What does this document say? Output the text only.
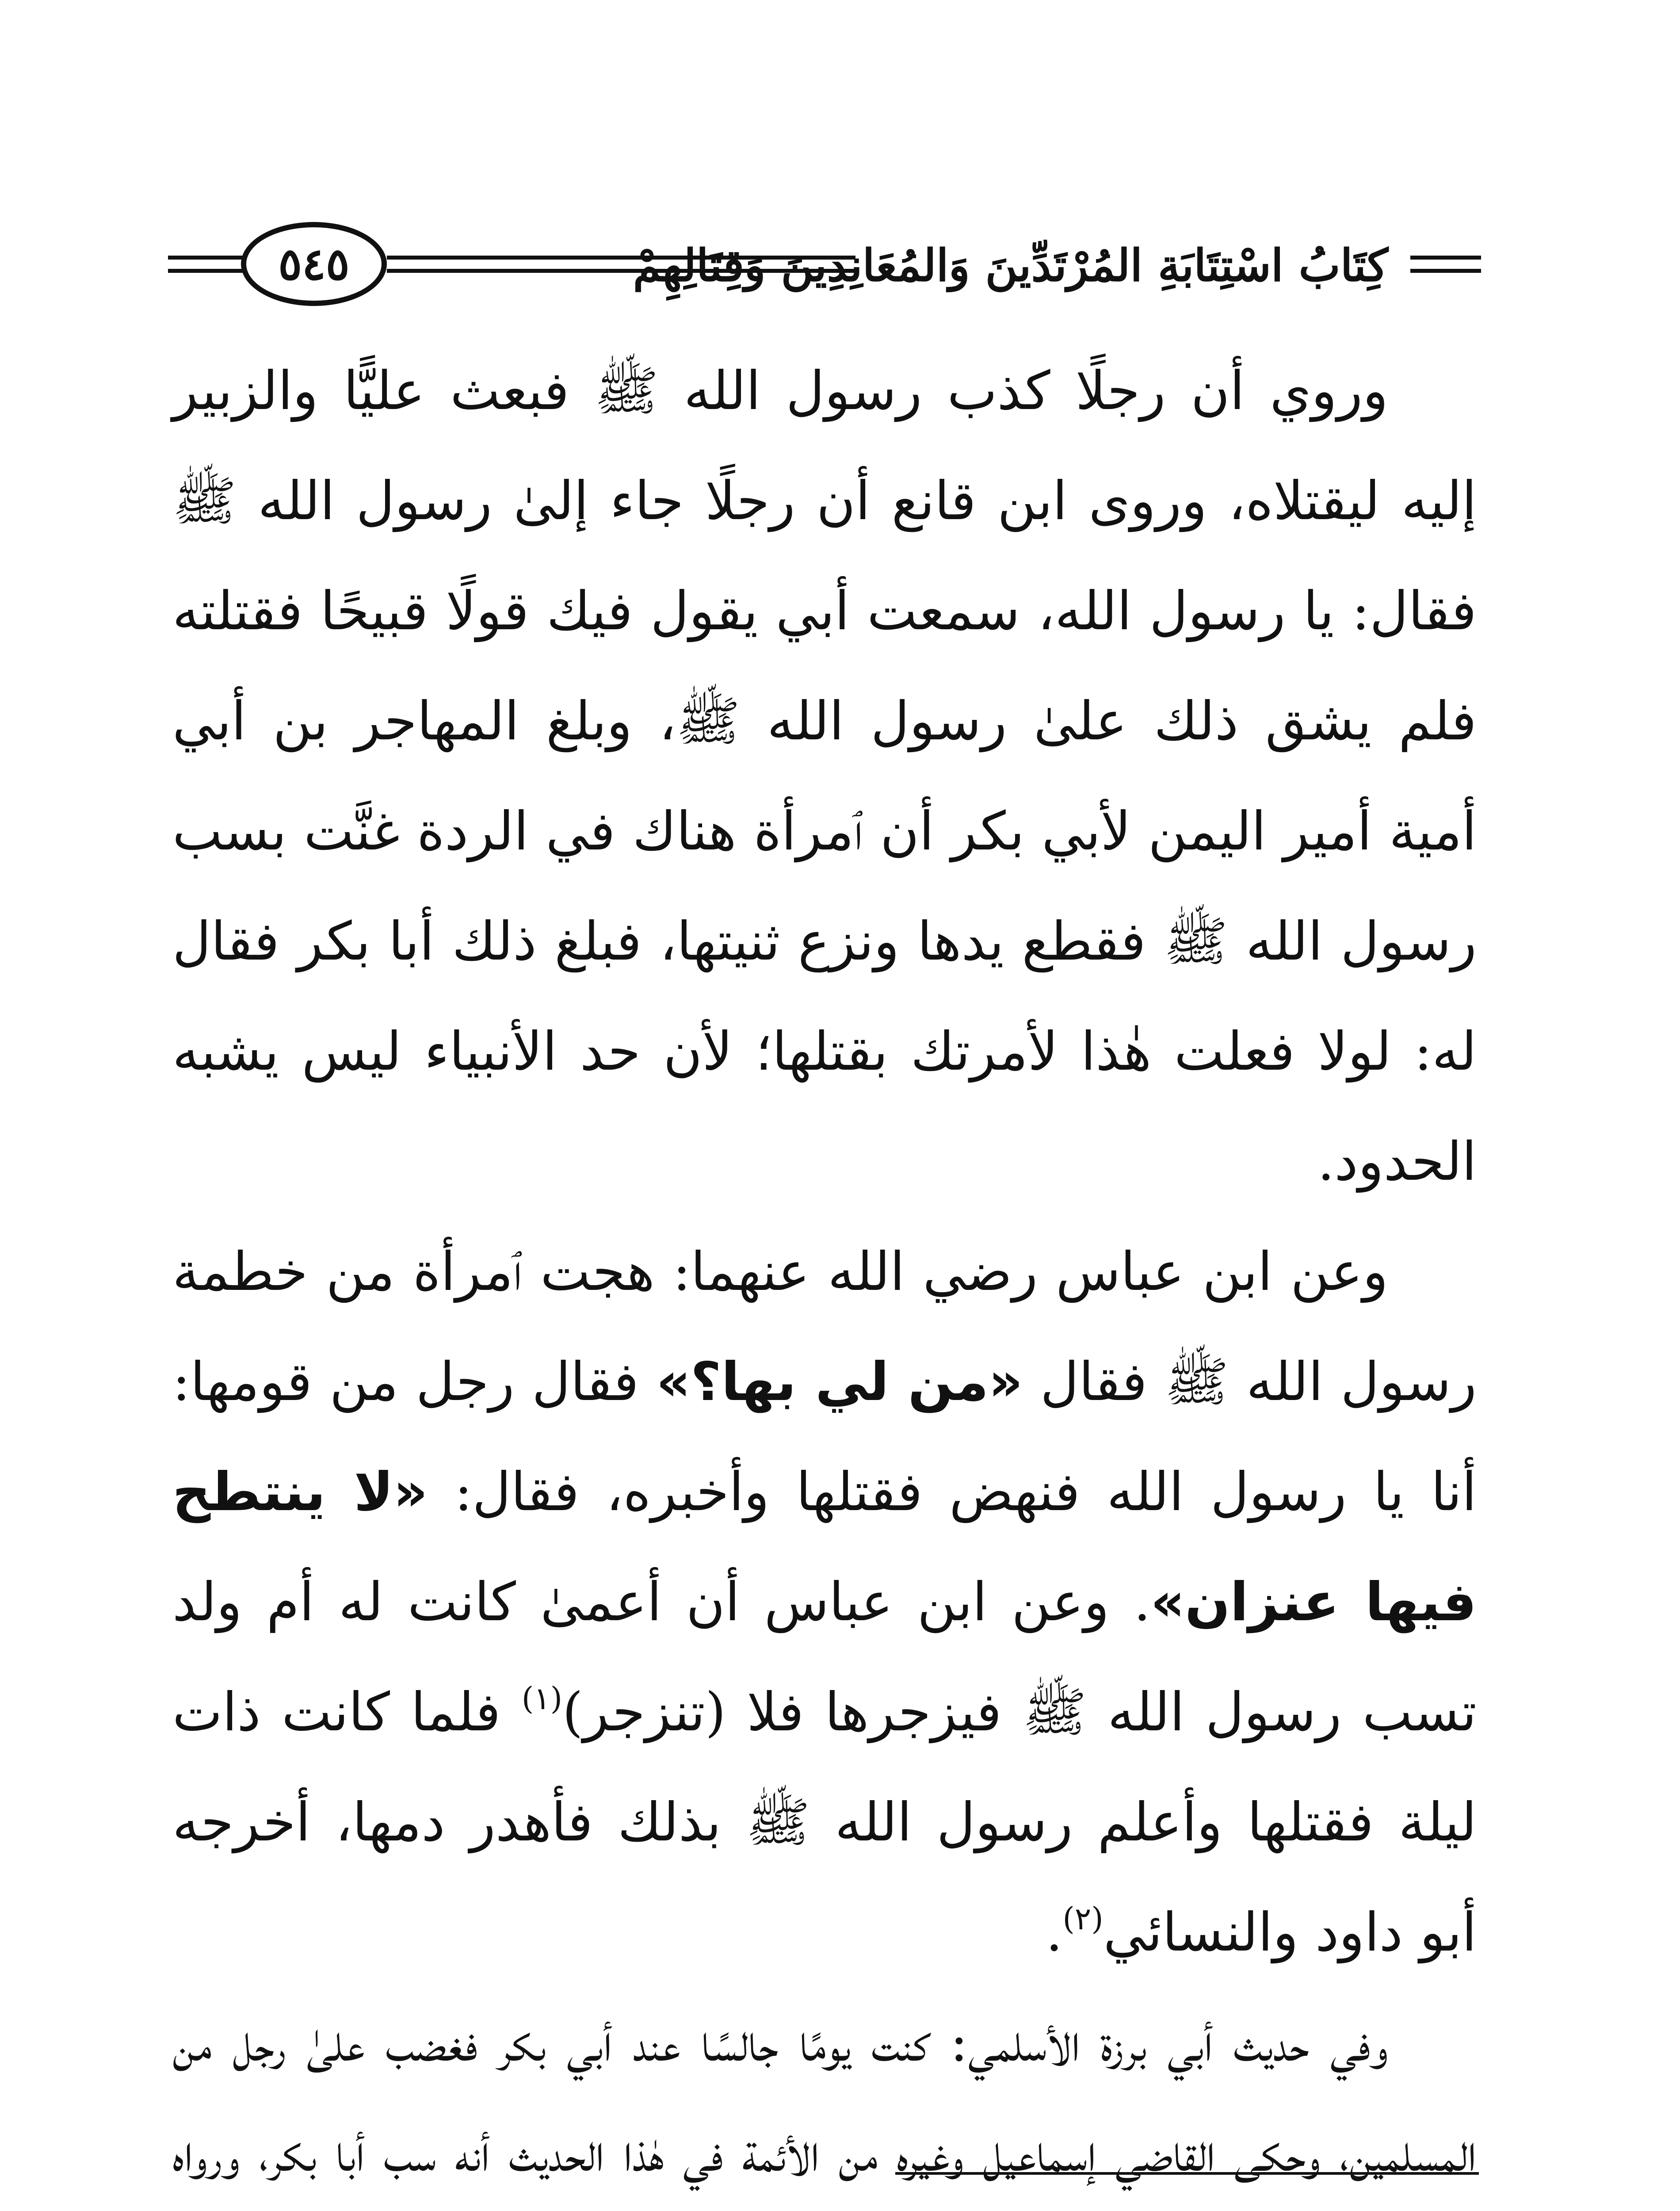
كِتَابُ اسْتِتَابَةِ المُرْتَدِّينَ وَالمُعَانِدِينَ وَقِتَالِهِمْ
٥٤٥

وروي أن رجلًا كذب رسول الله ﷺ فبعث عليًّا والزبير إليه ليقتلاه، وروى ابن قانع أن رجلًا جاء إلىٰ رسول الله ﷺ فقال: يا رسول الله، سمعت أبي يقول فيك قولًا قبيحًا فقتلته فلم يشق ذلك علىٰ رسول الله ﷺ، وبلغ المهاجر بن أبي أمية أمير اليمن لأبي بكر أن ٱمرأة هناك في الردة غنَّت بسب رسول الله ﷺ فقطع يدها ونزع ثنيتها، فبلغ ذلك أبا بكر فقال له: لولا فعلت هٰذا لأمرتك بقتلها؛ لأن حد الأنبياء ليس يشبه الحدود.

وعن ابن عباس رضي الله عنهما: هجت ٱمرأة من خطمة رسول الله ﷺ فقال «من لي بها؟» فقال رجل من قومها: أنا يا رسول الله فنهض فقتلها وأخبره، فقال: «لا ينتطح فيها عنزان». وعن ابن عباس أن أعمىٰ كانت له أم ولد تسب رسول الله ﷺ فيزجرها فلا (تنزجر)$^{(١)}$ فلما كانت ذات ليلة فقتلها وأعلم رسول الله ﷺ بذلك فأهدر دمها، أخرجه أبو داود والنسائي$^{(٢)}$.

وفي حديث أبي برزة الأسلمي: كنت يومًا جالسًا عند أبي بكر فغضب علىٰ رجل من المسلمين، وحكى القاضي إسماعيل وغيره من الأئمة في هٰذا الحديث أنه سب أبا بكر، ورواه
